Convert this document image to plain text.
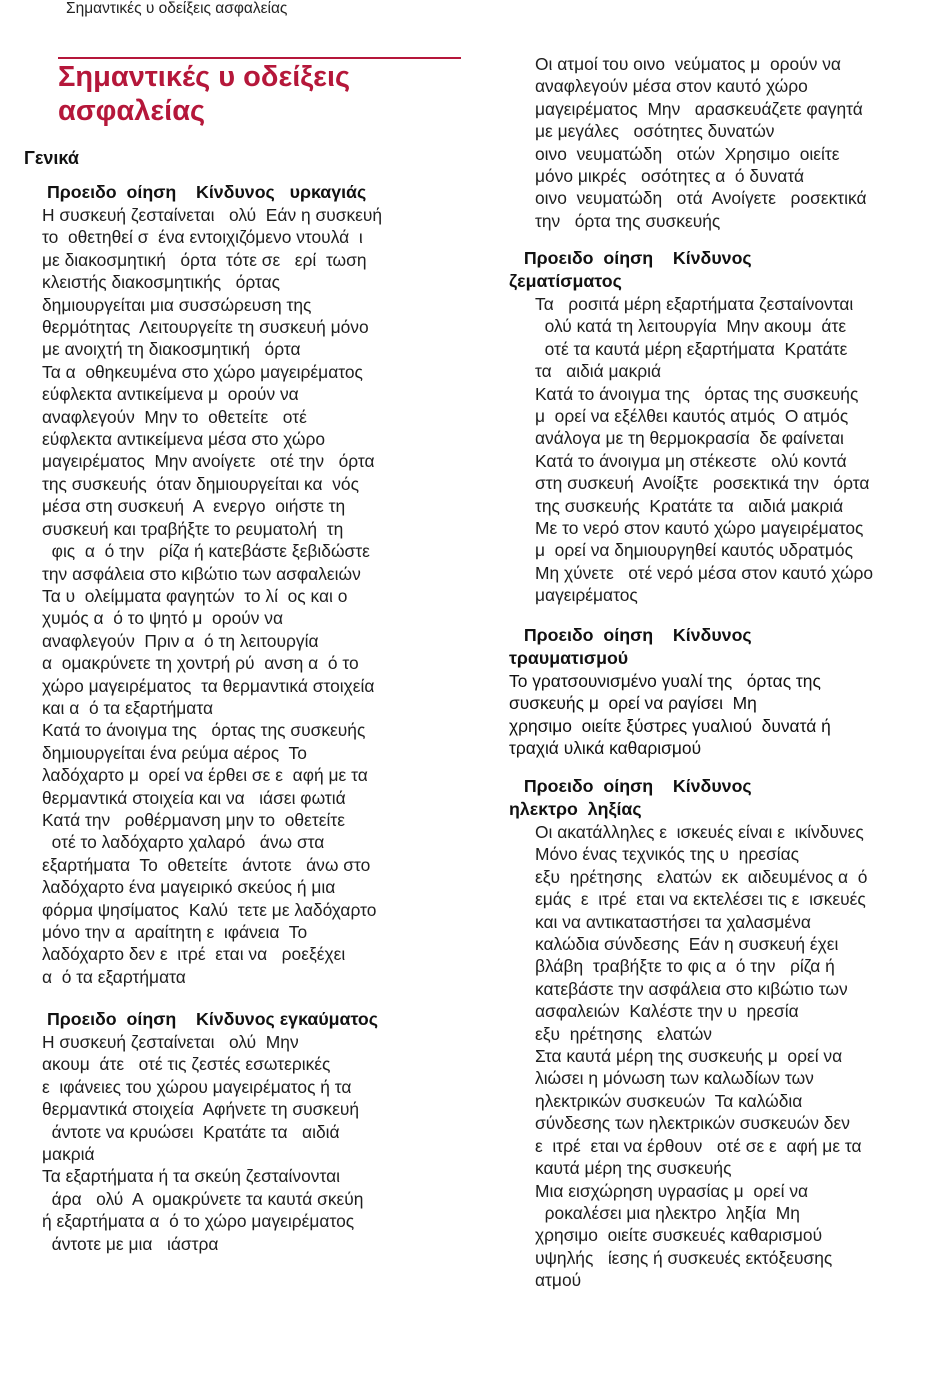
Σημαντικές υ οδείξεις ασφαλείας
Σημαντικές υ οδείξεις
ασφαλείας
Γενικά
Προειδο  οίηση    Κίνδυνος   υρκαγιάς
Η συσκευή ζεσταίνεται   ολύ  Εάν η συσκευή
το  οθετηθεί σ  ένα εντοιχιζόμενο ντουλά  ι
με διακοσμητική   όρτα  τότε σε   ερί  τωση
κλειστής διακοσμητικής   όρτας
δημιουργείται μια συσσώρευση της
θερμότητας  Λειτουργείτε τη συσκευή μόνο
με ανοιχτή τη διακοσμητική   όρτα
Τα α  οθηκευμένα στο χώρο μαγειρέματος
εύφλεκτα αντικείμενα μ  ορούν να
αναφλεγούν  Μην το  οθετείτε   οτέ
εύφλεκτα αντικείμενα μέσα στο χώρο
μαγειρέματος  Μην ανοίγετε   οτέ την   όρτα
της συσκευής  όταν δημιουργείται κα  νός
μέσα στη συσκευή  Α  ενεργο  οιήστε τη
συσκευή και τραβήξτε το ρευματολή  τη
φις  α  ό την   ρίζα ή κατεβάστε ξεβιδώστε
την ασφάλεια στο κιβώτιο των ασφαλειών
Τα υ  ολείμματα φαγητών  το λί  ος και ο
χυμός α  ό το ψητό μ  ορούν να
αναφλεγούν  Πριν α  ό τη λειτουργία
α  ομακρύνετε τη χοντρή ρύ  ανση α  ό το
χώρο μαγειρέματος  τα θερμαντικά στοιχεία
και α  ό τα εξαρτήματα
Κατά το άνοιγμα της   όρτας της συσκευής
δημιουργείται ένα ρεύμα αέρος  Το
λαδόχαρτο μ  ορεί να έρθει σε ε  αφή με τα
θερμαντικά στοιχεία και να   ιάσει φωτιά
Κατά την   ροθέρμανση μην το  οθετείτε
οτέ το λαδόχαρτο χαλαρό   άνω στα
εξαρτήματα  Το  οθετείτε   άντοτε   άνω στο
λαδόχαρτο ένα μαγειρικό σκεύος ή μια
φόρμα ψησίματος  Καλύ  τετε με λαδόχαρτο
μόνο την α  αραίτητη ε  ιφάνεια  Το
λαδόχαρτο δεν ε  ιτρέ  εται να   ροεξέχει
α  ό τα εξαρτήματα
Προειδο  οίηση    Κίνδυνος εγκαύματος
Η συσκευή ζεσταίνεται   ολύ  Μην
ακουμ  άτε   οτέ τις ζεστές εσωτερικές
ε  ιφάνειες του χώρου μαγειρέματος ή τα
θερμαντικά στοιχεία  Αφήνετε τη συσκευή
άντοτε να κρυώσει  Κρατάτε τα   αιδιά
μακριά
Τα εξαρτήματα ή τα σκεύη ζεσταίνονται
άρα   ολύ  Α  ομακρύνετε τα καυτά σκεύη
ή εξαρτήματα α  ό το χώρο μαγειρέματος
άντοτε με μια   ιάστρα
Οι ατμοί του οινο  νεύματος μ  ορούν να
αναφλεγούν μέσα στον καυτό χώρο
μαγειρέματος  Μην   αρασκευάζετε φαγητά
με μεγάλες   οσότητες δυνατών
οινο  νευματώδη   οτών  Χρησιμο  οιείτε
μόνο μικρές   οσότητες α  ό δυνατά
οινο  νευματώδη   οτά  Ανοίγετε   ροσεκτικά
την   όρτα της συσκευής
Προειδο  οίηση    Κίνδυνος
ζεματίσματος
Τα   ροσιτά μέρη εξαρτήματα ζεσταίνονται
ολύ κατά τη λειτουργία  Μην ακουμ  άτε
οτέ τα καυτά μέρη εξαρτήματα  Κρατάτε
τα   αιδιά μακριά
Κατά το άνοιγμα της   όρτας της συσκευής
μ  ορεί να εξέλθει καυτός ατμός  Ο ατμός
ανάλογα με τη θερμοκρασία  δε φαίνεται
Κατά το άνοιγμα μη στέκεστε   ολύ κοντά
στη συσκευή  Ανοίξτε   ροσεκτικά την   όρτα
της συσκευής  Κρατάτε τα   αιδιά μακριά
Με το νερό στον καυτό χώρο μαγειρέματος
μ  ορεί να δημιουργηθεί καυτός υδρατμός
Μη χύνετε   οτέ νερό μέσα στον καυτό χώρο
μαγειρέματος
Προειδο  οίηση    Κίνδυνος
τραυματισμού
Το γρατσουνισμένο γυαλί της   όρτας της
συσκευής μ  ορεί να ραγίσει  Μη
χρησιμο  οιείτε ξύστρες γυαλιού  δυνατά ή
τραχιά υλικά καθαρισμού
Προειδο  οίηση    Κίνδυνος
ηλεκτρο  ληξίας
Οι ακατάλληλες ε  ισκευές είναι ε  ικίνδυνες
Μόνο ένας τεχνικός της υ  ηρεσίας
εξυ  ηρέτησης   ελατών  εκ  αιδευμένος α  ό
εμάς  ε  ιτρέ  εται να εκτελέσει τις ε  ισκευές
και να αντικαταστήσει τα χαλασμένα
καλώδια σύνδεσης  Εάν η συσκευή έχει
βλάβη  τραβήξτε το φις α  ό την   ρίζα ή
κατεβάστε την ασφάλεια στο κιβώτιο των
ασφαλειών  Καλέστε την υ  ηρεσία
εξυ  ηρέτησης   ελατών
Στα καυτά μέρη της συσκευής μ  ορεί να
λιώσει η μόνωση των καλωδίων των
ηλεκτρικών συσκευών  Τα καλώδια
σύνδεσης των ηλεκτρικών συσκευών δεν
ε  ιτρέ  εται να έρθουν   οτέ σε ε  αφή με τα
καυτά μέρη της συσκευής
Μια εισχώρηση υγρασίας μ  ορεί να
ροκαλέσει μια ηλεκτρο  ληξία  Μη
χρησιμο  οιείτε συσκευές καθαρισμού
υψηλής   ίεσης ή συσκευές εκτόξευσης
ατμού
